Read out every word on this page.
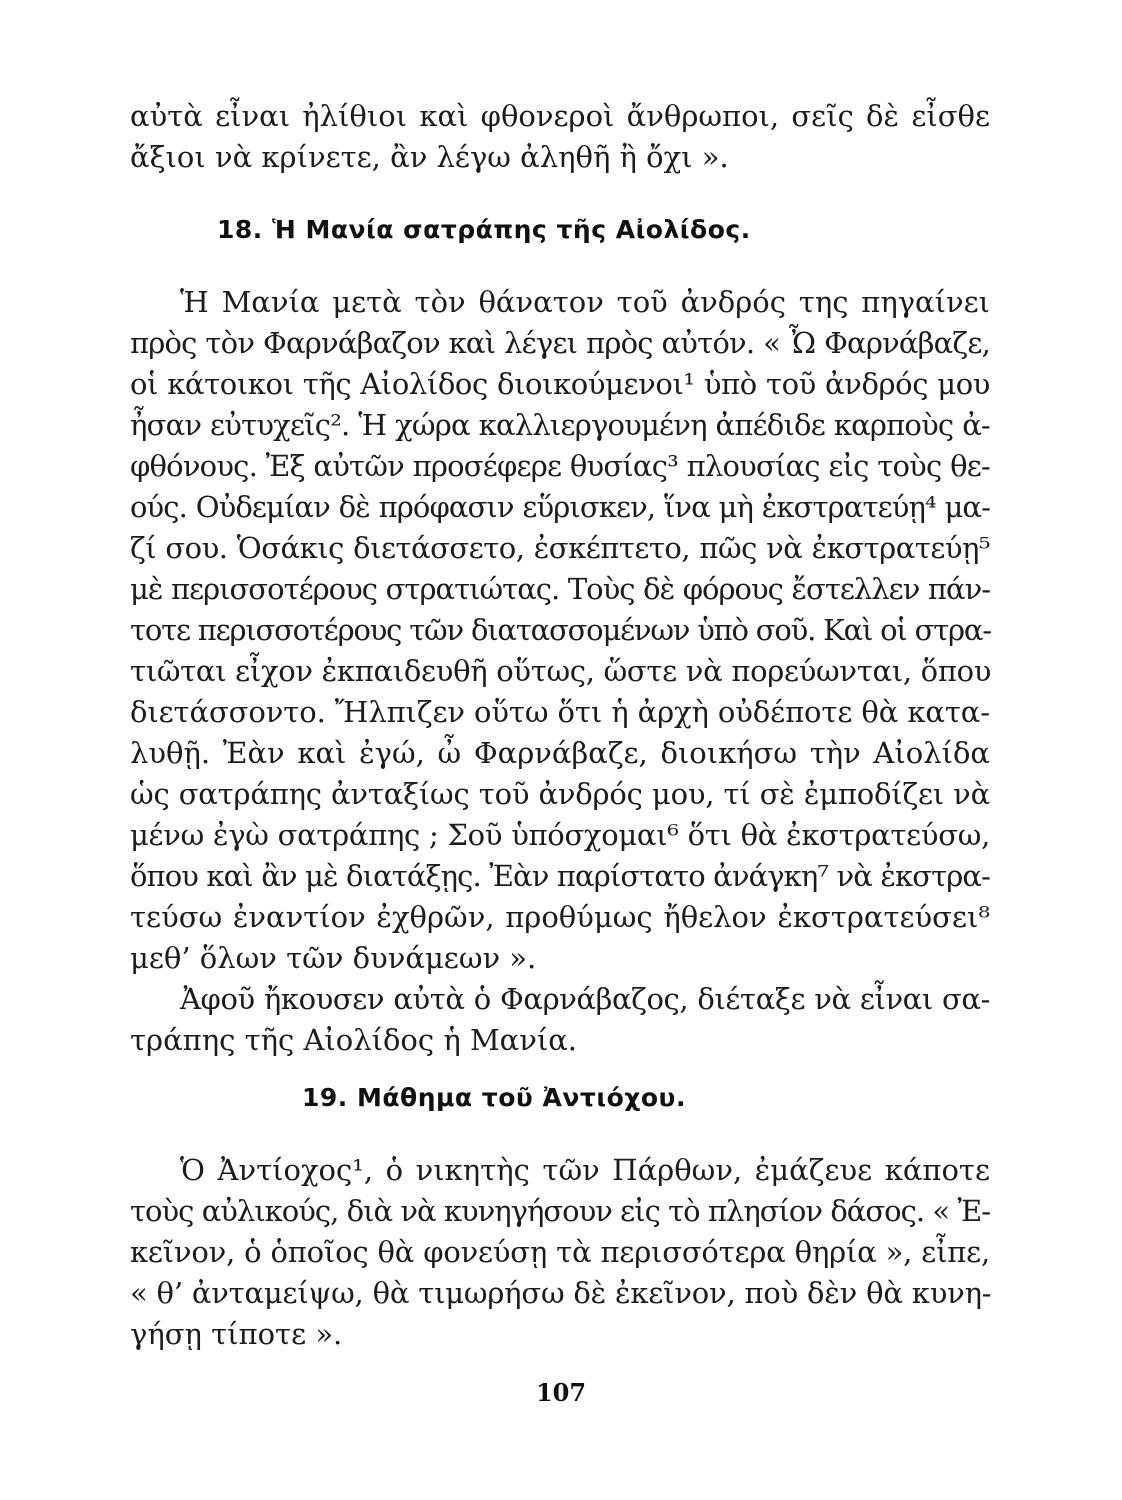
αὐτὰ εἶναι ἠλίθιοι καὶ φθονεροὶ ἄνθρωποι, σεῖς δὲ εἶσθε
ἄξιοι νὰ κρίνετε, ἂν λέγω ἀληθῆ ἢ ὄχι ».
18. Ἡ Μανία σατράπης τῆς Αἰολίδος.
Ἡ Μανία μετὰ τὸν θάνατον τοῦ ἀνδρός της πηγαίνει
πρὸς τὸν Φαρνάβαζον καὶ λέγει πρὸς αὐτόν. « Ὦ Φαρνάβαζε,
οἱ κάτοικοι τῆς Αἰολίδος διοικούμενοι¹ ὑπὸ τοῦ ἀνδρός μου
ἦσαν εὐτυχεῖς². Ἡ χώρα καλλιεργουμένη ἀπέδιδε καρποὺς ἀ-
φθόνους. Ἐξ αὐτῶν προσέφερε θυσίας³ πλουσίας εἰς τοὺς θε-
ούς. Οὐδεμίαν δὲ πρόφασιν εὕρισκεν, ἵνα μὴ ἐκστρατεύῃ⁴ μα-
ζί σου. Ὁσάκις διετάσσετο, ἐσκέπτετο, πῶς νὰ ἐκστρατεύῃ⁵
μὲ περισσοτέρους στρατιώτας. Τοὺς δὲ φόρους ἔστελλεν πάν-
τοτε περισσοτέρους τῶν διατασσομένων ὑπὸ σοῦ. Καὶ οἱ στρα-
τιῶται εἶχον ἐκπαιδευθῆ οὕτως, ὥστε νὰ πορεύωνται, ὅπου
διετάσσοντο. Ἤλπιζεν οὕτω ὅτι ἡ ἀρχὴ οὐδέποτε θὰ κατα-
λυθῇ. Ἐὰν καὶ ἐγώ, ὦ Φαρνάβαζε, διοικήσω τὴν Αἰολίδα
ὡς σατράπης ἀνταξίως τοῦ ἀνδρός μου, τί σὲ ἐμποδίζει νὰ
μένω ἐγὼ σατράπης ; Σοῦ ὑπόσχομαι⁶ ὅτι θὰ ἐκστρατεύσω,
ὅπου καὶ ἂν μὲ διατάξῃς. Ἐὰν παρίστατο ἀνάγκη⁷ νὰ ἐκστρα-
τεύσω ἐναντίον ἐχθρῶν, προθύμως ἤθελον ἐκστρατεύσει⁸
μεθ’ ὅλων τῶν δυνάμεων ».
Ἀφοῦ ἤκουσεν αὐτὰ ὁ Φαρνάβαζος, διέταξε νὰ εἶναι σα-
τράπης τῆς Αἰολίδος ἡ Μανία.
19. Μάθημα τοῦ Ἀντιόχου.
Ὁ Ἀντίοχος¹, ὁ νικητὴς τῶν Πάρθων, ἐμάζευε κάποτε
τοὺς αὐλικούς, διὰ νὰ κυνηγήσουν εἰς τὸ πλησίον δάσος. « Ἐ-
κεῖνον, ὁ ὁποῖος θὰ φονεύσῃ τὰ περισσότερα θηρία », εἶπε,
« θ’ ἀνταμείψω, θὰ τιμωρήσω δὲ ἐκεῖνον, ποὺ δὲν θὰ κυνη-
γήσῃ τίποτε ».
107
